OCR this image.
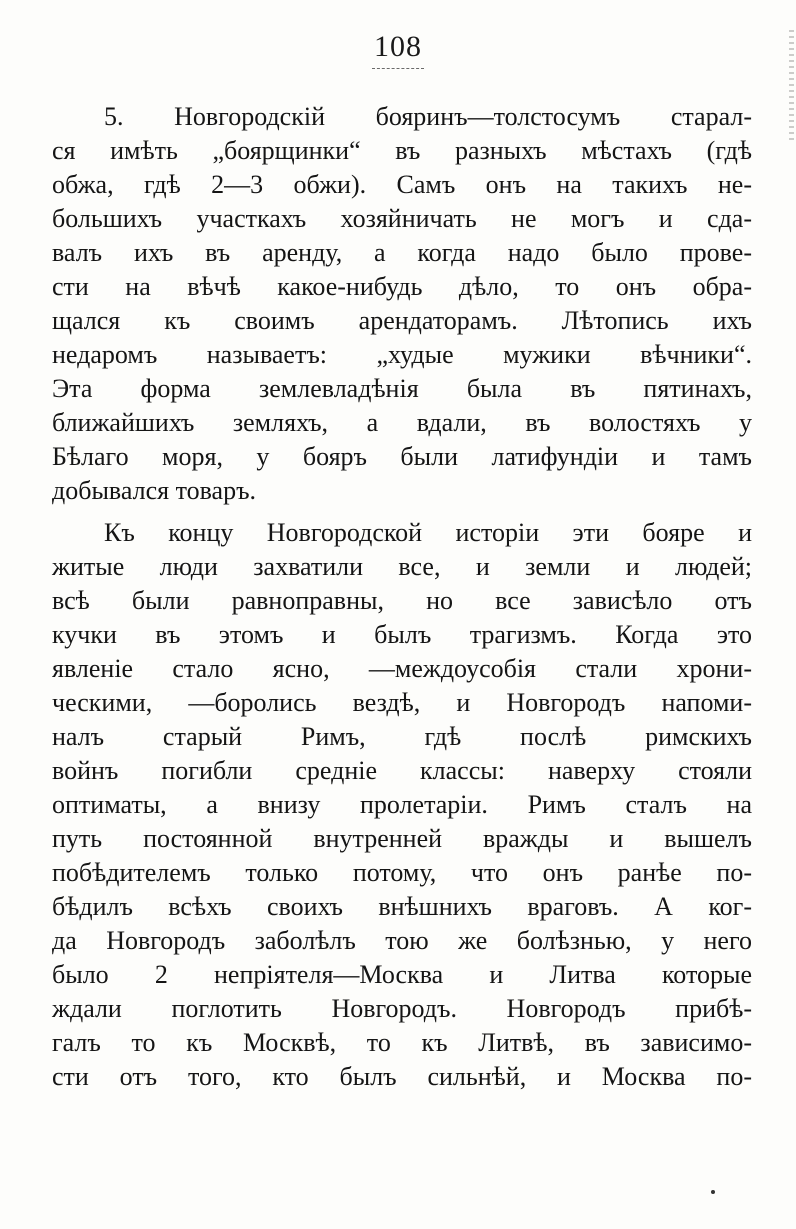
108
5. Новгородскій бояринъ—толстосумъ старал-
ся имѣть „боярщинки“ въ разныхъ мѣстахъ (гдѣ
обжа, гдѣ 2—3 обжи). Самъ онъ на такихъ не-
большихъ участкахъ хозяйничать не могъ и сда-
валъ ихъ въ аренду, а когда надо было прове-
сти на вѣчѣ какое-нибудь дѣло, то онъ обра-
щался къ своимъ арендаторамъ. Лѣтопись ихъ
недаромъ называетъ: „худые мужики вѣчники“.
Эта форма землевладѣнія была въ пятинахъ,
ближайшихъ земляхъ, а вдали, въ волостяхъ у
Бѣлаго моря, у бояръ были латифундіи и тамъ
добывался товаръ.
Къ концу Новгородской исторіи эти бояре и
житые люди захватили все, и земли и людей;
всѣ были равноправны, но все зависѣло отъ
кучки въ этомъ и былъ трагизмъ. Когда это
явленіе стало ясно, —междоусобія стали хрони-
ческими, —боролись вездѣ, и Новгородъ напоми-
налъ старый Римъ, гдѣ послѣ римскихъ
войнъ погибли средніе классы: наверху стояли
оптиматы, а внизу пролетаріи. Римъ сталъ на
путь постоянной внутренней вражды и вышелъ
побѣдителемъ только потому, что онъ ранѣе по-
бѣдилъ всѣхъ своихъ внѣшнихъ враговъ. А ког-
да Новгородъ заболѣлъ тою же болѣзнью, у него
было 2 непріятеля—Москва и Литва которые
ждали поглотить Новгородъ. Новгородъ прибѣ-
галъ то къ Москвѣ, то къ Литвѣ, въ зависимо-
сти отъ того, кто былъ сильнѣй, и Москва по-
